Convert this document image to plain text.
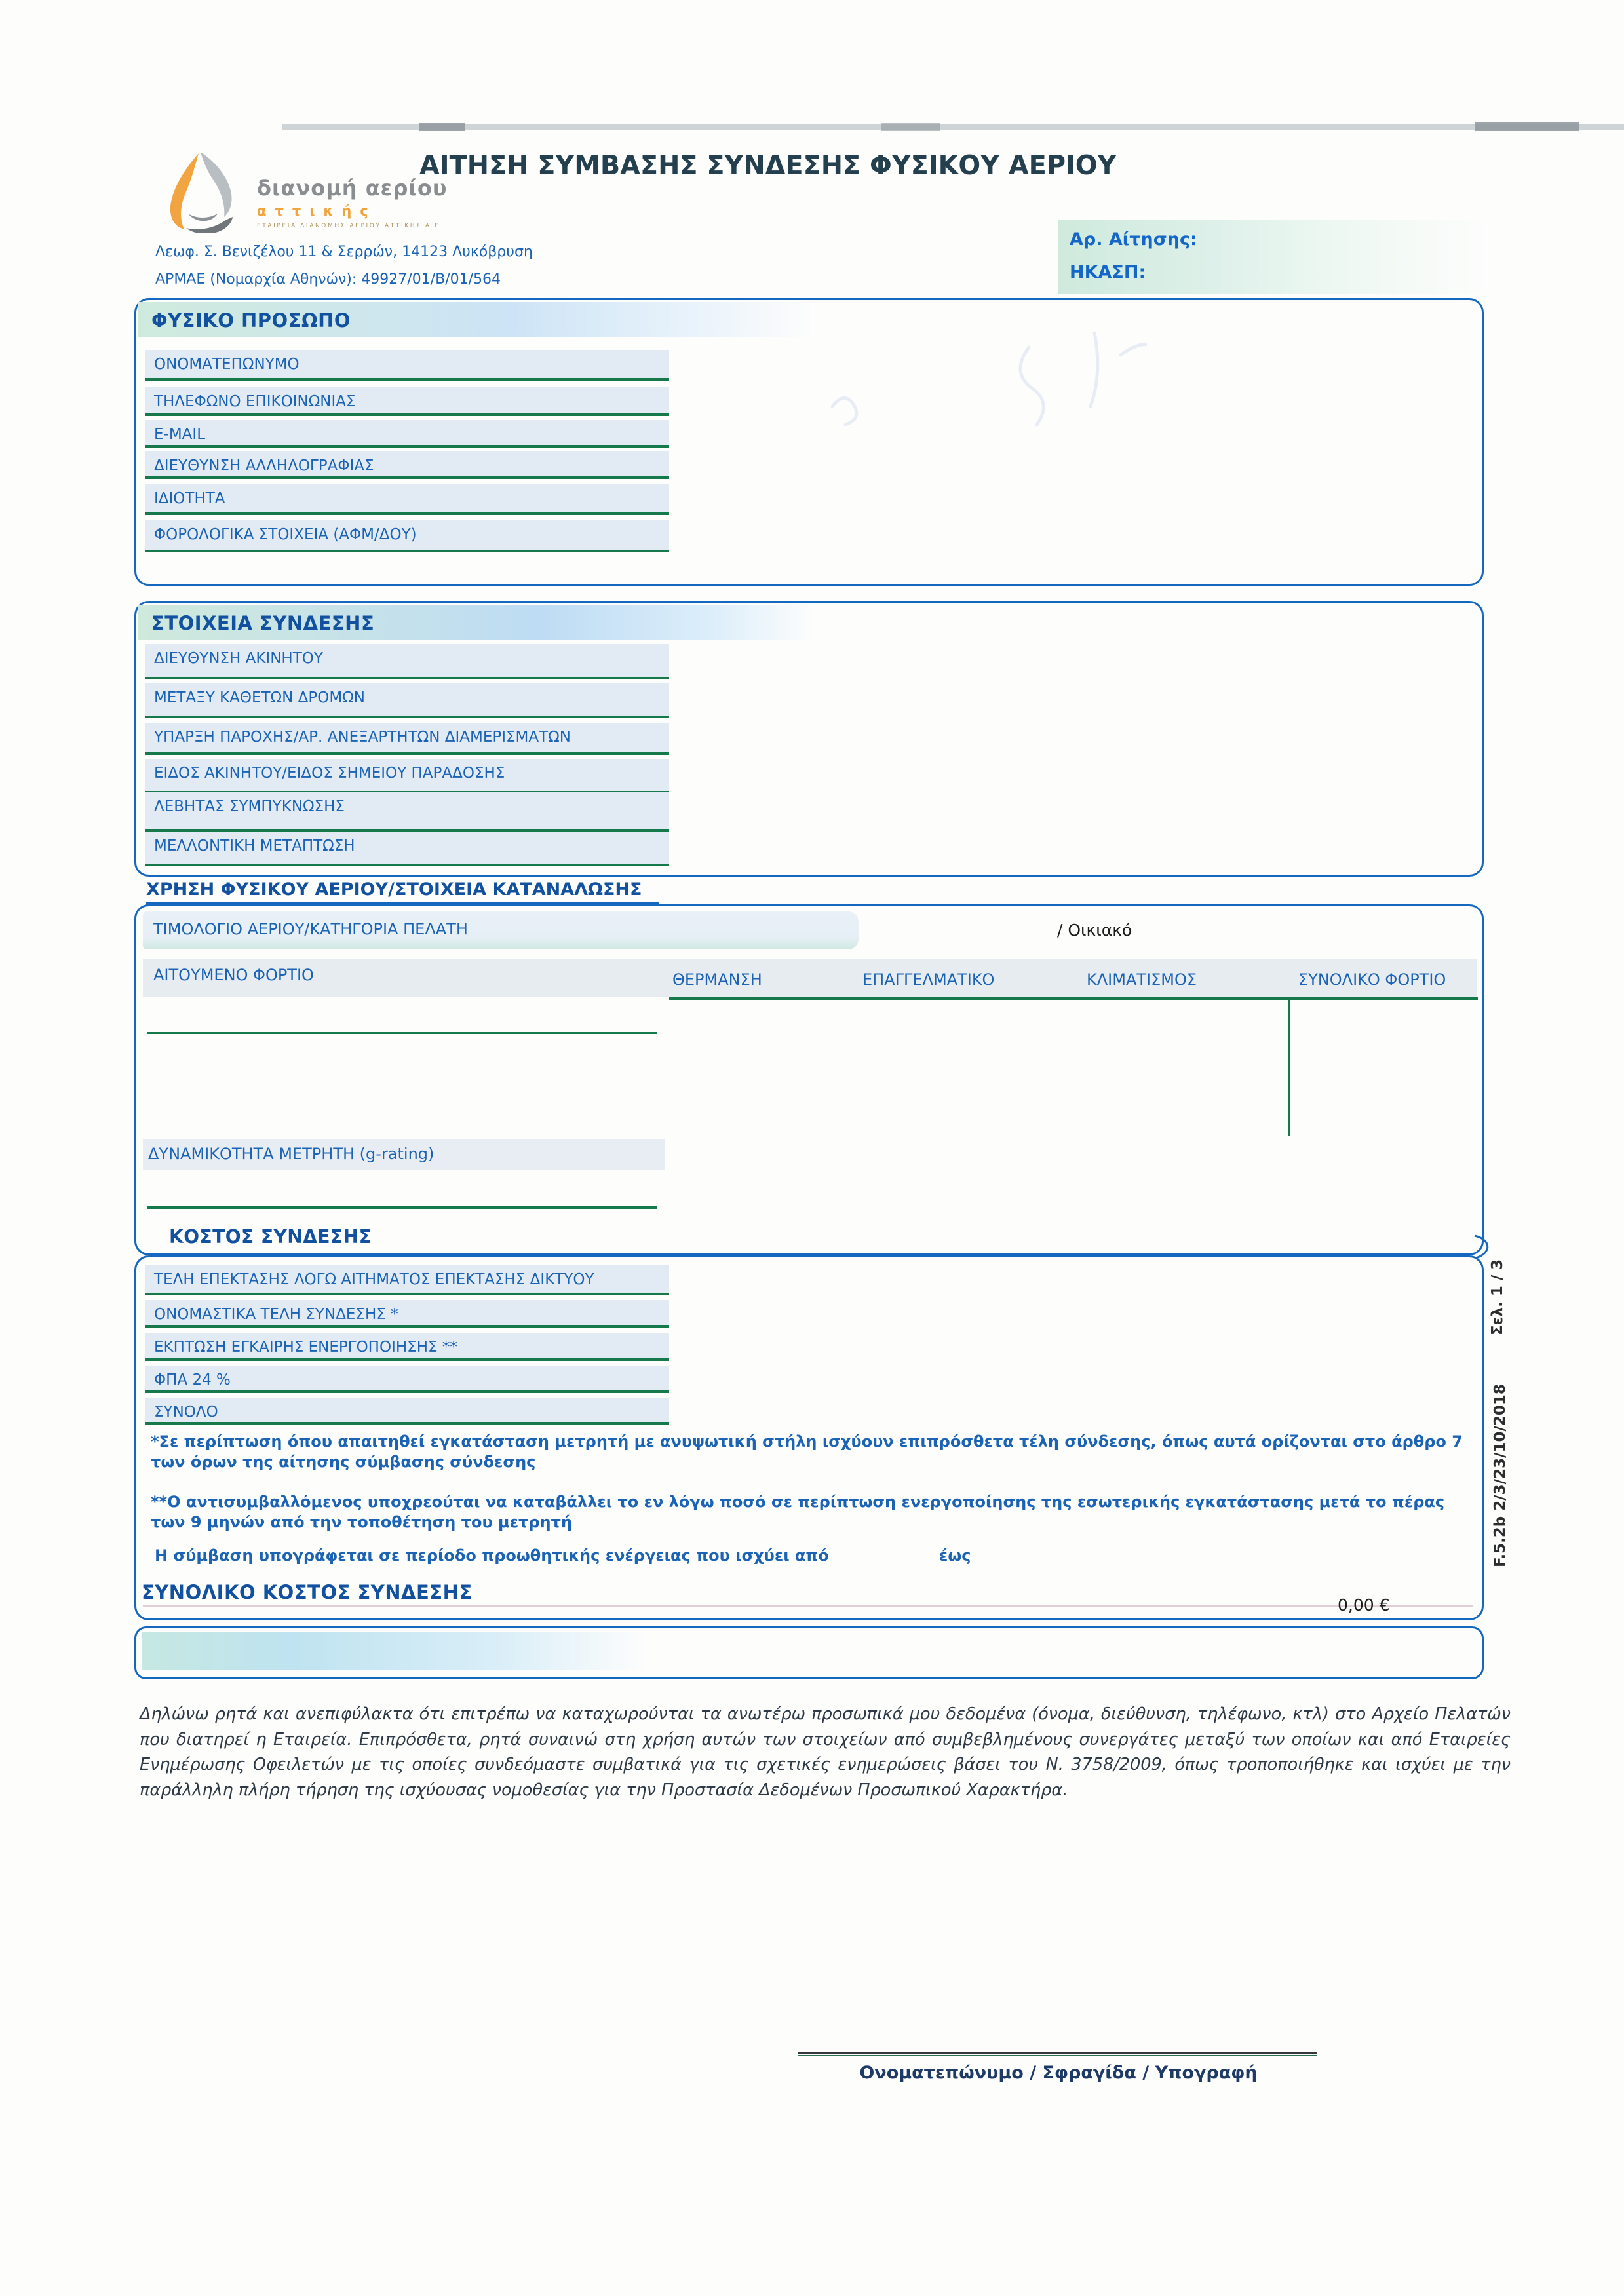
διανομή αερίου
αττικής
ΕΤΑΙΡΕΙΑ ΔΙΑΝΟΜΗΣ ΑΕΡΙΟΥ ΑΤΤΙΚΗΣ Α.Ε
ΑΙΤΗΣΗ ΣΥΜΒΑΣΗΣ ΣΥΝΔΕΣΗΣ ΦΥΣΙΚΟΥ ΑΕΡΙΟΥ
Λεωφ. Σ. Βενιζέλου 11 & Σερρών, 14123 Λυκόβρυση
ΑΡΜΑΕ (Νομαρχία Αθηνών): 49927/01/Β/01/564
Αρ. Αίτησης:
ΗΚΑΣΠ:
ΦΥΣΙΚΟ ΠΡΟΣΩΠΟ
ΟΝΟΜΑΤΕΠΩΝΥΜΟ
ΤΗΛΕΦΩΝΟ ΕΠΙΚΟΙΝΩΝΙΑΣ
E-MAIL
ΔΙΕΥΘΥΝΣΗ ΑΛΛΗΛΟΓΡΑΦΙΑΣ
ΙΔΙΟΤΗΤΑ
ΦΟΡΟΛΟΓΙΚΑ ΣΤΟΙΧΕΙΑ (ΑΦΜ/ΔΟΥ)
ΣΤΟΙΧΕΙΑ ΣΥΝΔΕΣΗΣ
ΔΙΕΥΘΥΝΣΗ ΑΚΙΝΗΤΟΥ
ΜΕΤΑΞΥ ΚΑΘΕΤΩΝ ΔΡΟΜΩΝ
ΥΠΑΡΞΗ ΠΑΡΟΧΗΣ/ΑΡ. ΑΝΕΞΑΡΤΗΤΩΝ ΔΙΑΜΕΡΙΣΜΑΤΩΝ
ΕΙΔΟΣ ΑΚΙΝΗΤΟΥ/ΕΙΔΟΣ ΣΗΜΕΙΟΥ ΠΑΡΑΔΟΣΗΣ
ΛΕΒΗΤΑΣ ΣΥΜΠΥΚΝΩΣΗΣ
ΜΕΛΛΟΝΤΙΚΗ ΜΕΤΑΠΤΩΣΗ
ΧΡΗΣΗ ΦΥΣΙΚΟΥ ΑΕΡΙΟΥ/ΣΤΟΙΧΕΙΑ ΚΑΤΑΝΑΛΩΣΗΣ
ΤΙΜΟΛΟΓΙΟ ΑΕΡΙΟΥ/ΚΑΤΗΓΟΡΙΑ ΠΕΛΑΤΗ	/ Οικιακό
ΑΙΤΟΥΜΕΝΟ ΦΟΡΤΙΟ	ΘΕΡΜΑΝΣΗ	ΕΠΑΓΓΕΛΜΑΤΙΚΟ	ΚΛΙΜΑΤΙΣΜΟΣ	ΣΥΝΟΛΙΚΟ ΦΟΡΤΙΟ
ΔΥΝΑΜΙΚΟΤΗΤΑ ΜΕΤΡΗΤΗ (g-rating)
ΚΟΣΤΟΣ ΣΥΝΔΕΣΗΣ
ΤΕΛΗ ΕΠΕΚΤΑΣΗΣ ΛΟΓΩ ΑΙΤΗΜΑΤΟΣ ΕΠΕΚΤΑΣΗΣ ΔΙΚΤΥΟΥ
ΟΝΟΜΑΣΤΙΚΑ ΤΕΛΗ ΣΥΝΔΕΣΗΣ *
ΕΚΠΤΩΣΗ ΕΓΚΑΙΡΗΣ ΕΝΕΡΓΟΠΟΙΗΣΗΣ **
ΦΠΑ 24 %
ΣΥΝΟΛΟ
*Σε περίπτωση όπου απαιτηθεί εγκατάσταση μετρητή με ανυψωτική στήλη ισχύουν επιπρόσθετα τέλη σύνδεσης, όπως αυτά ορίζονται στο άρθρο 7 των όρων της αίτησης σύμβασης σύνδεσης
**Ο αντισυμβαλλόμενος υποχρεούται να καταβάλλει το εν λόγω ποσό σε περίπτωση ενεργοποίησης της εσωτερικής εγκατάστασης μετά το πέρας των 9 μηνών από την τοποθέτηση του μετρητή
Η σύμβαση υπογράφεται σε περίοδο προωθητικής ενέργειας που ισχύει από	έως
ΣΥΝΟΛΙΚΟ ΚΟΣΤΟΣ ΣΥΝΔΕΣΗΣ
0,00 €
Σελ. 1 / 3
F.5.2b 2/3/23/10/2018
Δηλώνω ρητά και ανεπιφύλακτα ότι επιτρέπω να καταχωρούνται τα ανωτέρω προσωπικά μου δεδομένα (όνομα, διεύθυνση, τηλέφωνο, κτλ) στο Αρχείο Πελατών που διατηρεί η Εταιρεία. Επιπρόσθετα, ρητά συναινώ στη χρήση αυτών των στοιχείων από συμβεβλημένους συνεργάτες μεταξύ των οποίων και από Εταιρείες Ενημέρωσης Οφειλετών με τις οποίες συνδεόμαστε συμβατικά για τις σχετικές ενημερώσεις βάσει του Ν. 3758/2009, όπως τροποποιήθηκε και ισχύει με την παράλληλη πλήρη τήρηση της ισχύουσας νομοθεσίας για την Προστασία Δεδομένων Προσωπικού Χαρακτήρα.
Ονοματεπώνυμο / Σφραγίδα / Υπογραφή
